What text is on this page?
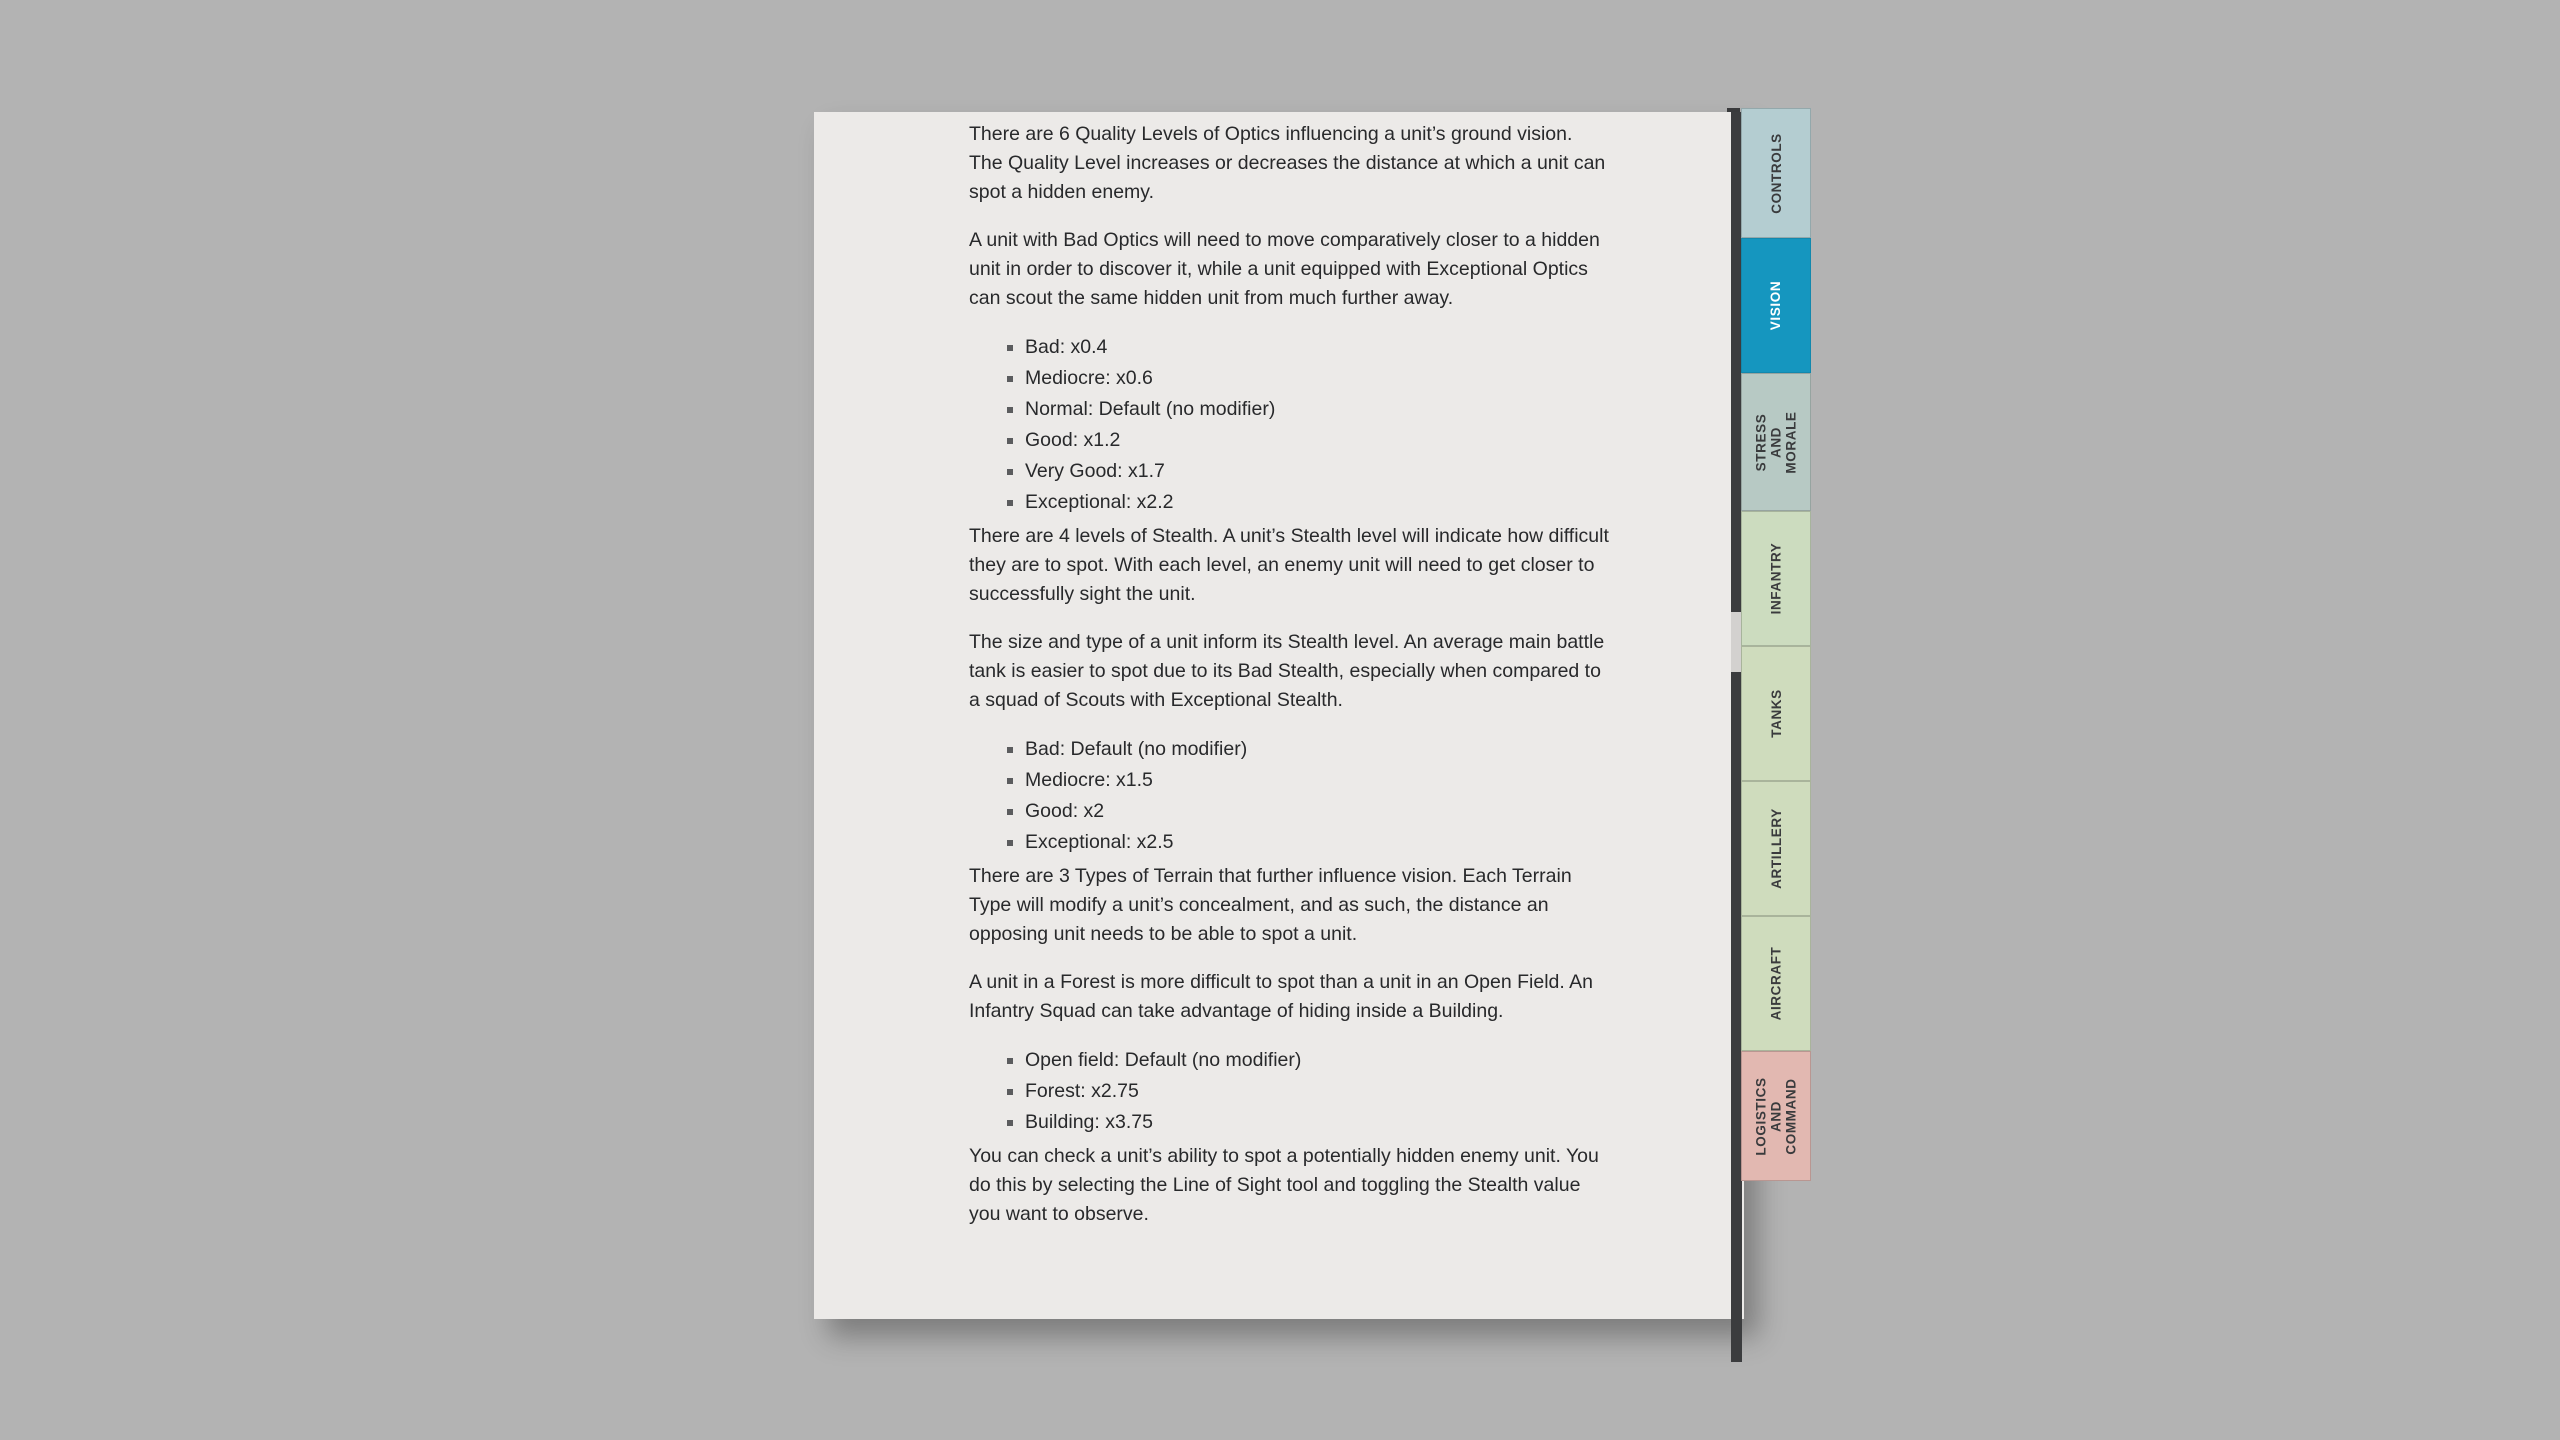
There are 6 Quality Levels of Optics influencing a unit’s ground vision. The Quality Level increases or decreases the distance at which a unit can spot a hidden enemy.

A unit with Bad Optics will need to move comparatively closer to a hidden unit in order to discover it, while a unit equipped with Exceptional Optics can scout the same hidden unit from much further away.

Bad: x0.4
Mediocre: x0.6
Normal: Default (no modifier)
Good: x1.2
Very Good: x1.7
Exceptional: x2.2

There are 4 levels of Stealth. A unit’s Stealth level will indicate how difficult they are to spot. With each level, an enemy unit will need to get closer to successfully sight the unit.

The size and type of a unit inform its Stealth level. An average main battle tank is easier to spot due to its Bad Stealth, especially when compared to a squad of Scouts with Exceptional Stealth.

Bad: Default (no modifier)
Mediocre: x1.5
Good: x2
Exceptional: x2.5

There are 3 Types of Terrain that further influence vision. Each Terrain Type will modify a unit’s concealment, and as such, the distance an opposing unit needs to be able to spot a unit.

A unit in a Forest is more difficult to spot than a unit in an Open Field. An Infantry Squad can take advantage of hiding inside a Building.

Open field: Default (no modifier)
Forest: x2.75
Building: x3.75

You can check a unit’s ability to spot a potentially hidden enemy unit. You do this by selecting the Line of Sight tool and toggling the Stealth value you want to observe.

CONTROLS
VISION
STRESS AND MORALE
INFANTRY
TANKS
ARTILLERY
AIRCRAFT
LOGISTICS AND COMMAND
